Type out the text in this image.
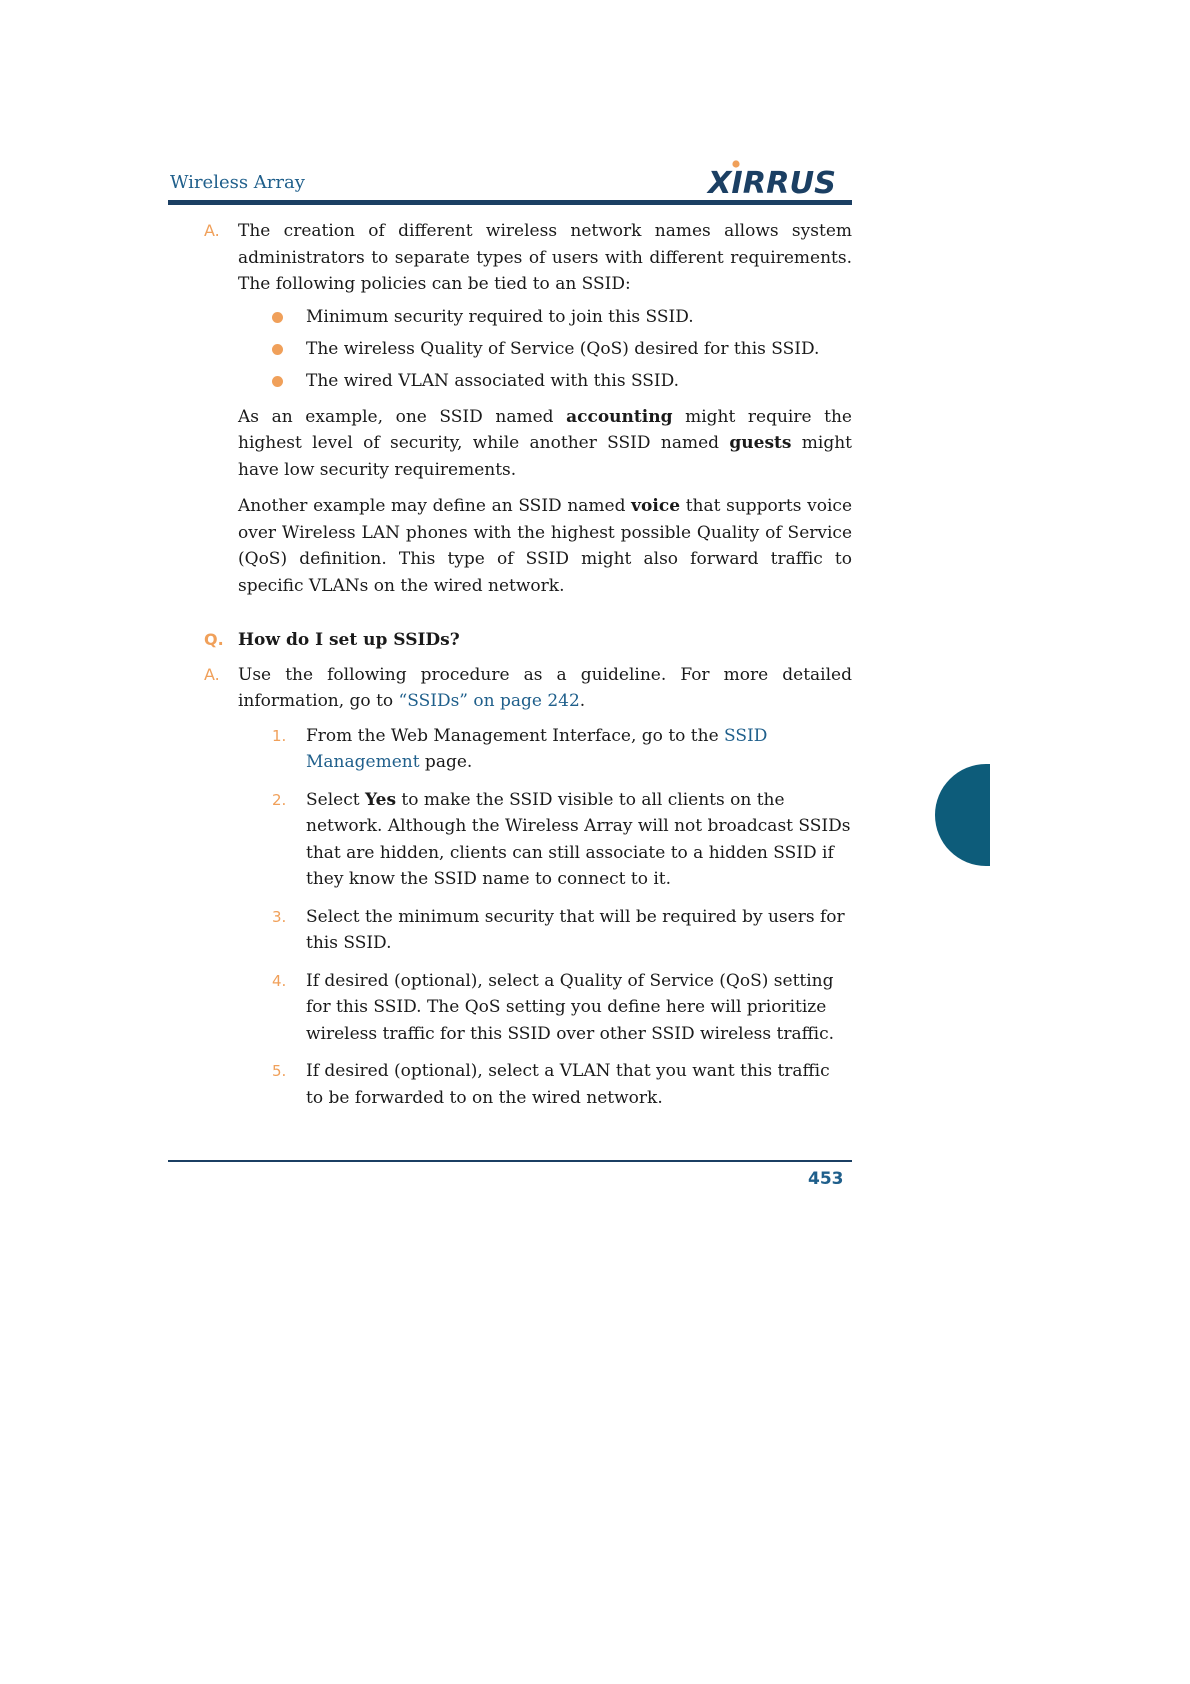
Wireless Array	XIRRUS
A. The creation of different wireless network names allows system administrators to separate types of users with different requirements. The following policies can be tied to an SSID:

Minimum security required to join this SSID.
The wireless Quality of Service (QoS) desired for this SSID.
The wired VLAN associated with this SSID.

As an example, one SSID named accounting might require the highest level of security, while another SSID named guests might have low security requirements.

Another example may define an SSID named voice that supports voice over Wireless LAN phones with the highest possible Quality of Service (QoS) definition. This type of SSID might also forward traffic to specific VLANs on the wired network.

Q. How do I set up SSIDs?

A. Use the following procedure as a guideline. For more detailed information, go to “SSIDs” on page 242.

1. From the Web Management Interface, go to the SSID Management page.
2. Select Yes to make the SSID visible to all clients on the network. Although the Wireless Array will not broadcast SSIDs that are hidden, clients can still associate to a hidden SSID if they know the SSID name to connect to it.
3. Select the minimum security that will be required by users for this SSID.
4. If desired (optional), select a Quality of Service (QoS) setting for this SSID. The QoS setting you define here will prioritize wireless traffic for this SSID over other SSID wireless traffic.
5. If desired (optional), select a VLAN that you want this traffic to be forwarded to on the wired network.
453
